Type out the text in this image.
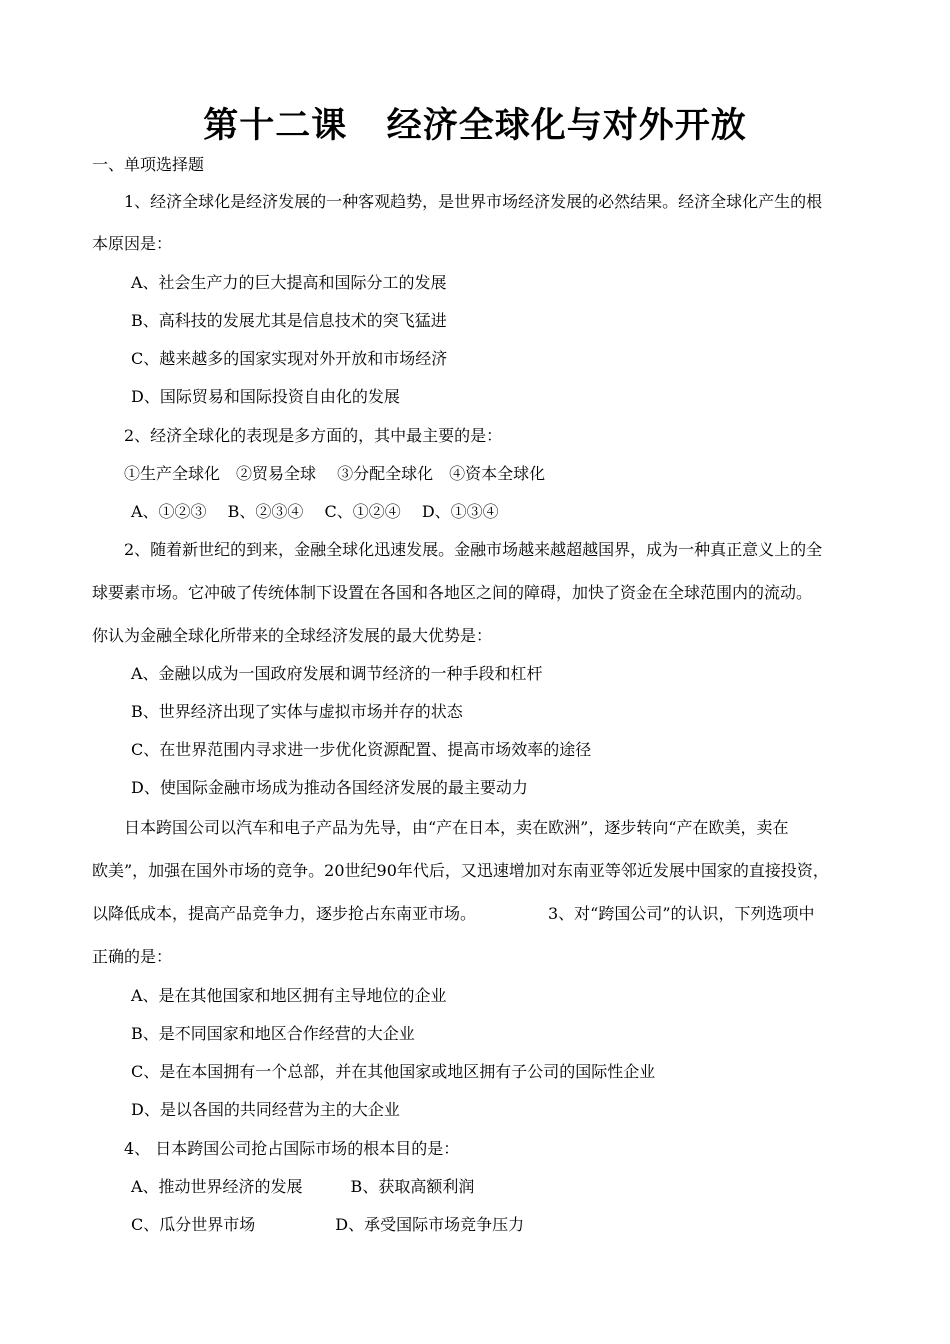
第十二课   经济全球化与对外开放

一、单项选择题

　　1、经济全球化是经济发展的一种客观趋势，是世界市场经济发展的必然结果。经济全球化产生的根

本原因是：

A、社会生产力的巨大提高和国际分工的发展

B、高科技的发展尤其是信息技术的突飞猛进

C、越来越多的国家实现对外开放和市场经济

D、国际贸易和国际投资自由化的发展

　　2、经济全球化的表现是多方面的，其中最主要的是：

①生产全球化　②贸易全球　 ③分配全球化　④资本全球化

A、①②③　 B、②③④　 C、①②④　 D、①③④

　　2、随着新世纪的到来，金融全球化迅速发展。金融市场越来越超越国界，成为一种真正意义上的全

球要素市场。它冲破了传统体制下设置在各国和各地区之间的障碍，加快了资金在全球范围内的流动。

你认为金融全球化所带来的全球经济发展的最大优势是：

A、金融以成为一国政府发展和调节经济的一种手段和杠杆

B、世界经济出现了实体与虚拟市场并存的状态

C、在世界范围内寻求进一步优化资源配置、提高市场效率的途径

D、使国际金融市场成为推动各国经济发展的最主要动力

　　日本跨国公司以汽车和电子产品为先导，由“产在日本，卖在欧洲”，逐步转向“产在欧美，卖在

欧美”，加强在国外市场的竞争。20世纪90年代后，又迅速增加对东南亚等邻近发展中国家的直接投资，

以降低成本，提高产品竞争力，逐步抢占东南亚市场。　　　　　3、对“跨国公司”的认识，下列选项中

正确的是：

A、是在其他国家和地区拥有主导地位的企业

B、是不同国家和地区合作经营的大企业

C、是在本国拥有一个总部，并在其他国家或地区拥有子公司的国际性企业

D、是以各国的共同经营为主的大企业

　　4、 日本跨国公司抢占国际市场的根本目的是：

A、推动世界经济的发展　　　B、获取高额利润

C、瓜分世界市场　　　　　D、承受国际市场竞争压力
